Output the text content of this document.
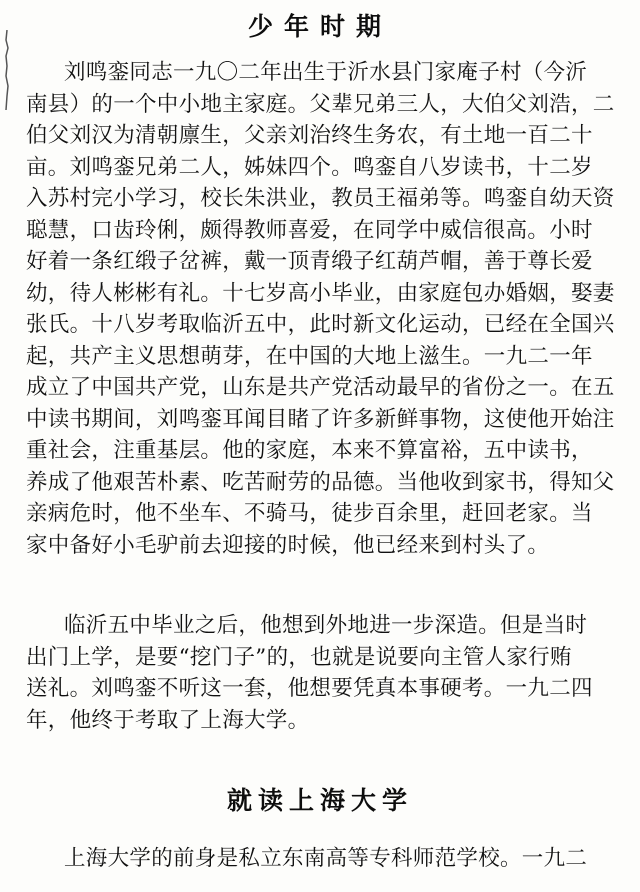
少年时期
刘鸣銮同志一九〇二年出生于沂水县门家庵子村（今沂
南县）的一个中小地主家庭。父辈兄弟三人，大伯父刘浩，二
伯父刘汉为清朝廪生，父亲刘治终生务农，有土地一百二十
亩。刘鸣銮兄弟二人，姊妹四个。鸣銮自八岁读书，十二岁
入苏村完小学习，校长朱洪业，教员王福弟等。鸣銮自幼天资
聪慧，口齿玲俐，颇得教师喜爱，在同学中威信很高。小时
好着一条红缎子岔裤，戴一顶青缎子红葫芦帽，善于尊长爱
幼，待人彬彬有礼。十七岁高小毕业，由家庭包办婚姻，娶妻
张氏。十八岁考取临沂五中，此时新文化运动，已经在全国兴
起，共产主义思想萌芽，在中国的大地上滋生。一九二一年
成立了中国共产党，山东是共产党活动最早的省份之一。在五
中读书期间，刘鸣銮耳闻目睹了许多新鲜事物，这使他开始注
重社会，注重基层。他的家庭，本来不算富裕，五中读书，
养成了他艰苦朴素、吃苦耐劳的品德。当他收到家书，得知父
亲病危时，他不坐车、不骑马，徒步百余里，赶回老家。当
家中备好小毛驴前去迎接的时候，他已经来到村头了。
临沂五中毕业之后，他想到外地进一步深造。但是当时
出门上学，是要“挖门子”的，也就是说要向主管人家行贿
送礼。刘鸣銮不听这一套，他想要凭真本事硬考。一九二四
年，他终于考取了上海大学。
就读上海大学
上海大学的前身是私立东南高等专科师范学校。一九二
